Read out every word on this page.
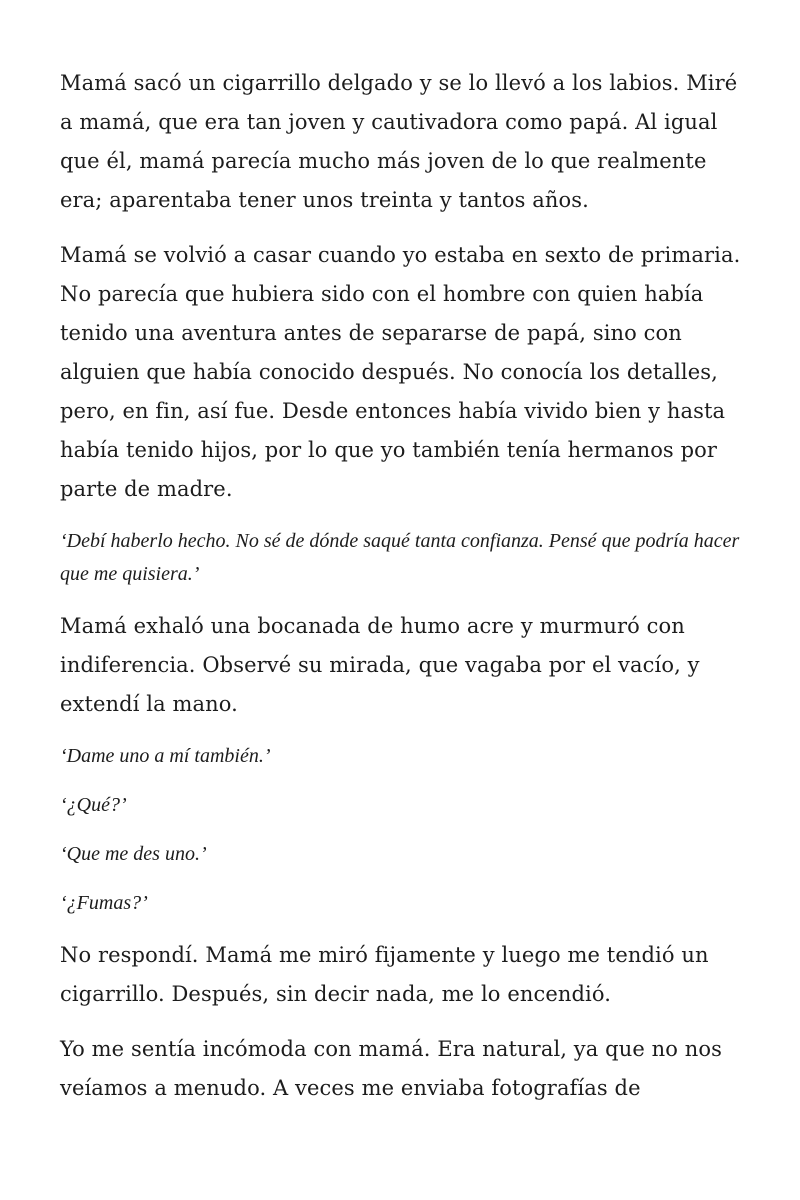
Mamá sacó un cigarrillo delgado y se lo llevó a los labios. Miré a mamá, que era tan joven y cautivadora como papá. Al igual que él, mamá parecía mucho más joven de lo que realmente era; aparentaba tener unos treinta y tantos años.

Mamá se volvió a casar cuando yo estaba en sexto de primaria. No parecía que hubiera sido con el hombre con quien había tenido una aventura antes de separarse de papá, sino con alguien que había conocido después. No conocía los detalles, pero, en fin, así fue. Desde entonces había vivido bien y hasta había tenido hijos, por lo que yo también tenía hermanos por parte de madre.

‘Debí haberlo hecho. No sé de dónde saqué tanta confianza. Pensé que podría hacer que me quisiera.’

Mamá exhaló una bocanada de humo acre y murmuró con indiferencia. Observé su mirada, que vagaba por el vacío, y extendí la mano.

‘Dame uno a mí también.’

‘¿Qué?’

‘Que me des uno.’

‘¿Fumas?’

No respondí. Mamá me miró fijamente y luego me tendió un cigarrillo. Después, sin decir nada, me lo encendió.

Yo me sentía incómoda con mamá. Era natural, ya que no nos veíamos a menudo. A veces me enviaba fotografías de
